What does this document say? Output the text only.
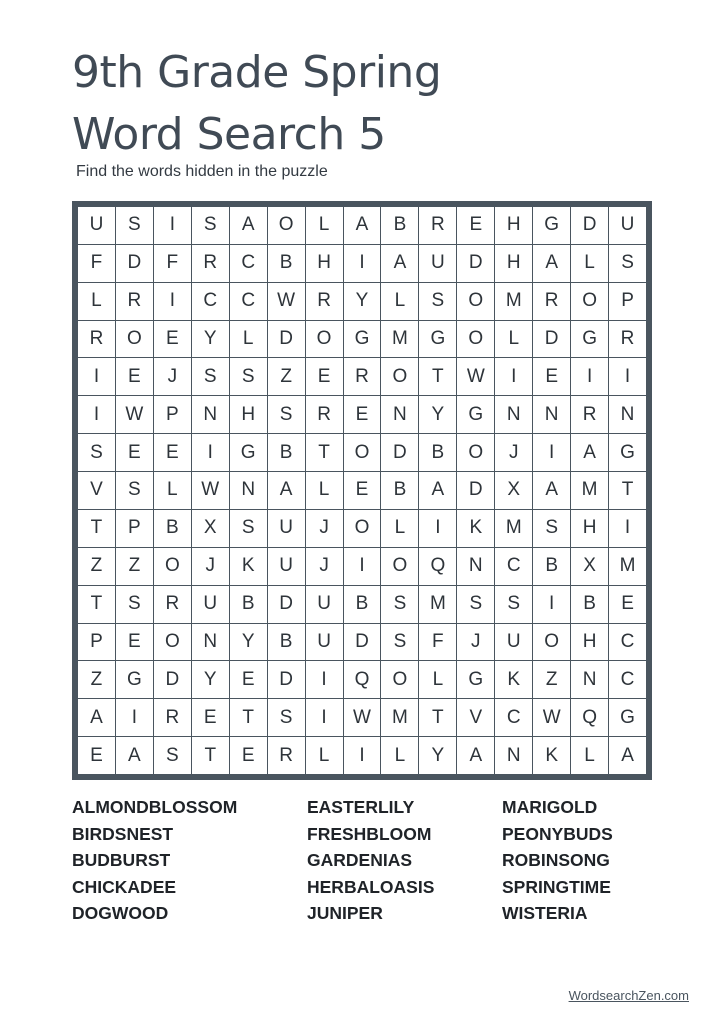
9th Grade Spring
Word Search 5
Find the words hidden in the puzzle
U	S	I	S	A	O	L	A	B	R	E	H	G	D	U
F	D	F	R	C	B	H	I	A	U	D	H	A	L	S
L	R	I	C	C	W	R	Y	L	S	O	M	R	O	P
R	O	E	Y	L	D	O	G	M	G	O	L	D	G	R
I	E	J	S	S	Z	E	R	O	T	W	I	E	I	I
I	W	P	N	H	S	R	E	N	Y	G	N	N	R	N
S	E	E	I	G	B	T	O	D	B	O	J	I	A	G
V	S	L	W	N	A	L	E	B	A	D	X	A	M	T
T	P	B	X	S	U	J	O	L	I	K	M	S	H	I
Z	Z	O	J	K	U	J	I	O	Q	N	C	B	X	M
T	S	R	U	B	D	U	B	S	M	S	S	I	B	E
P	E	O	N	Y	B	U	D	S	F	J	U	O	H	C
Z	G	D	Y	E	D	I	Q	O	L	G	K	Z	N	C
A	I	R	E	T	S	I	W	M	T	V	C	W	Q	G
E	A	S	T	E	R	L	I	L	Y	A	N	K	L	A
ALMONDBLOSSOM
BIRDSNEST
BUDBURST
CHICKADEE
DOGWOOD
EASTERLILY
FRESHBLOOM
GARDENIAS
HERBALOASIS
JUNIPER
MARIGOLD
PEONYBUDS
ROBINSONG
SPRINGTIME
WISTERIA
WordsearchZen.com
